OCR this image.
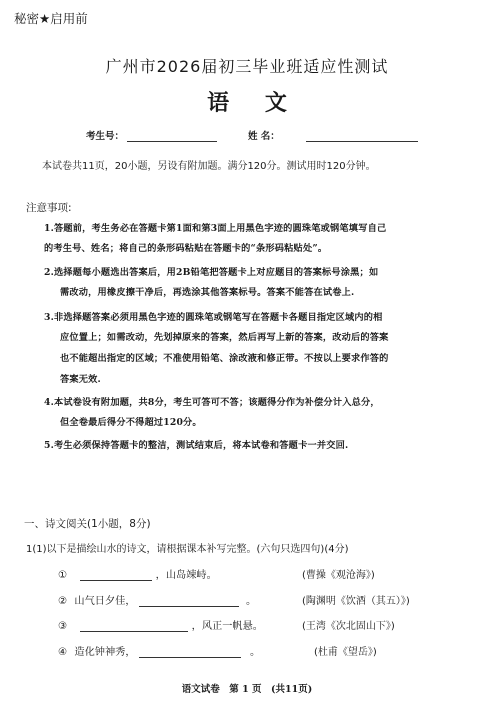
秘密★启用前
广州市2026届初三毕业班适应性测试
语 文
考生号：	姓 名：
本试卷共11页，20小题，另设有附加题。满分120分。测试用时120分钟。
注意事项:

1.答题前，考生务必在答题卡第1面和第3面上用黑色字迹的圆珠笔或钢笔填写自己

的考生号、姓名；将自己的条形码粘贴在答题卡的“条形码粘贴处”。

2.选择题每小题选出答案后，用2B铅笔把答题卡上对应题目的答案标号涂黑；如

需改动，用橡皮擦干净后，再选涂其他答案标号。答案不能答在试卷上.

3.非选择题答案必须用黑色字迹的圆珠笔或钢笔写在答题卡各题目指定区域内的相

应位置上；如需改动，先划掉原来的答案，然后再写上新的答案，改动后的答案

也不能超出指定的区域；不准使用铅笔、涂改液和修正带。不按以上要求作答的

答案无效.

4.本试卷设有附加题，共8分，考生可答可不答；该题得分作为补偿分计入总分，

但全卷最后得分不得超过120分。

5.考生必须保持答题卡的整洁，测试结束后，将本试卷和答题卡一并交回.

一、诗文阅关(1小题，8分)
1(1)以下是描绘山水的诗文，请根据课本补写完整。(六句只选四句)(4分)
①	，山岛竦峙。	(曹操《观沧海》)
② 山气日夕佳，	。	(陶渊明《饮酒（其五）》)
③	，风正一帆悬。	(王湾《次北固山下》)
④ 造化钟神秀，	。	(杜甫《望岳》)
语文试卷　第 1 页　(共11页)
